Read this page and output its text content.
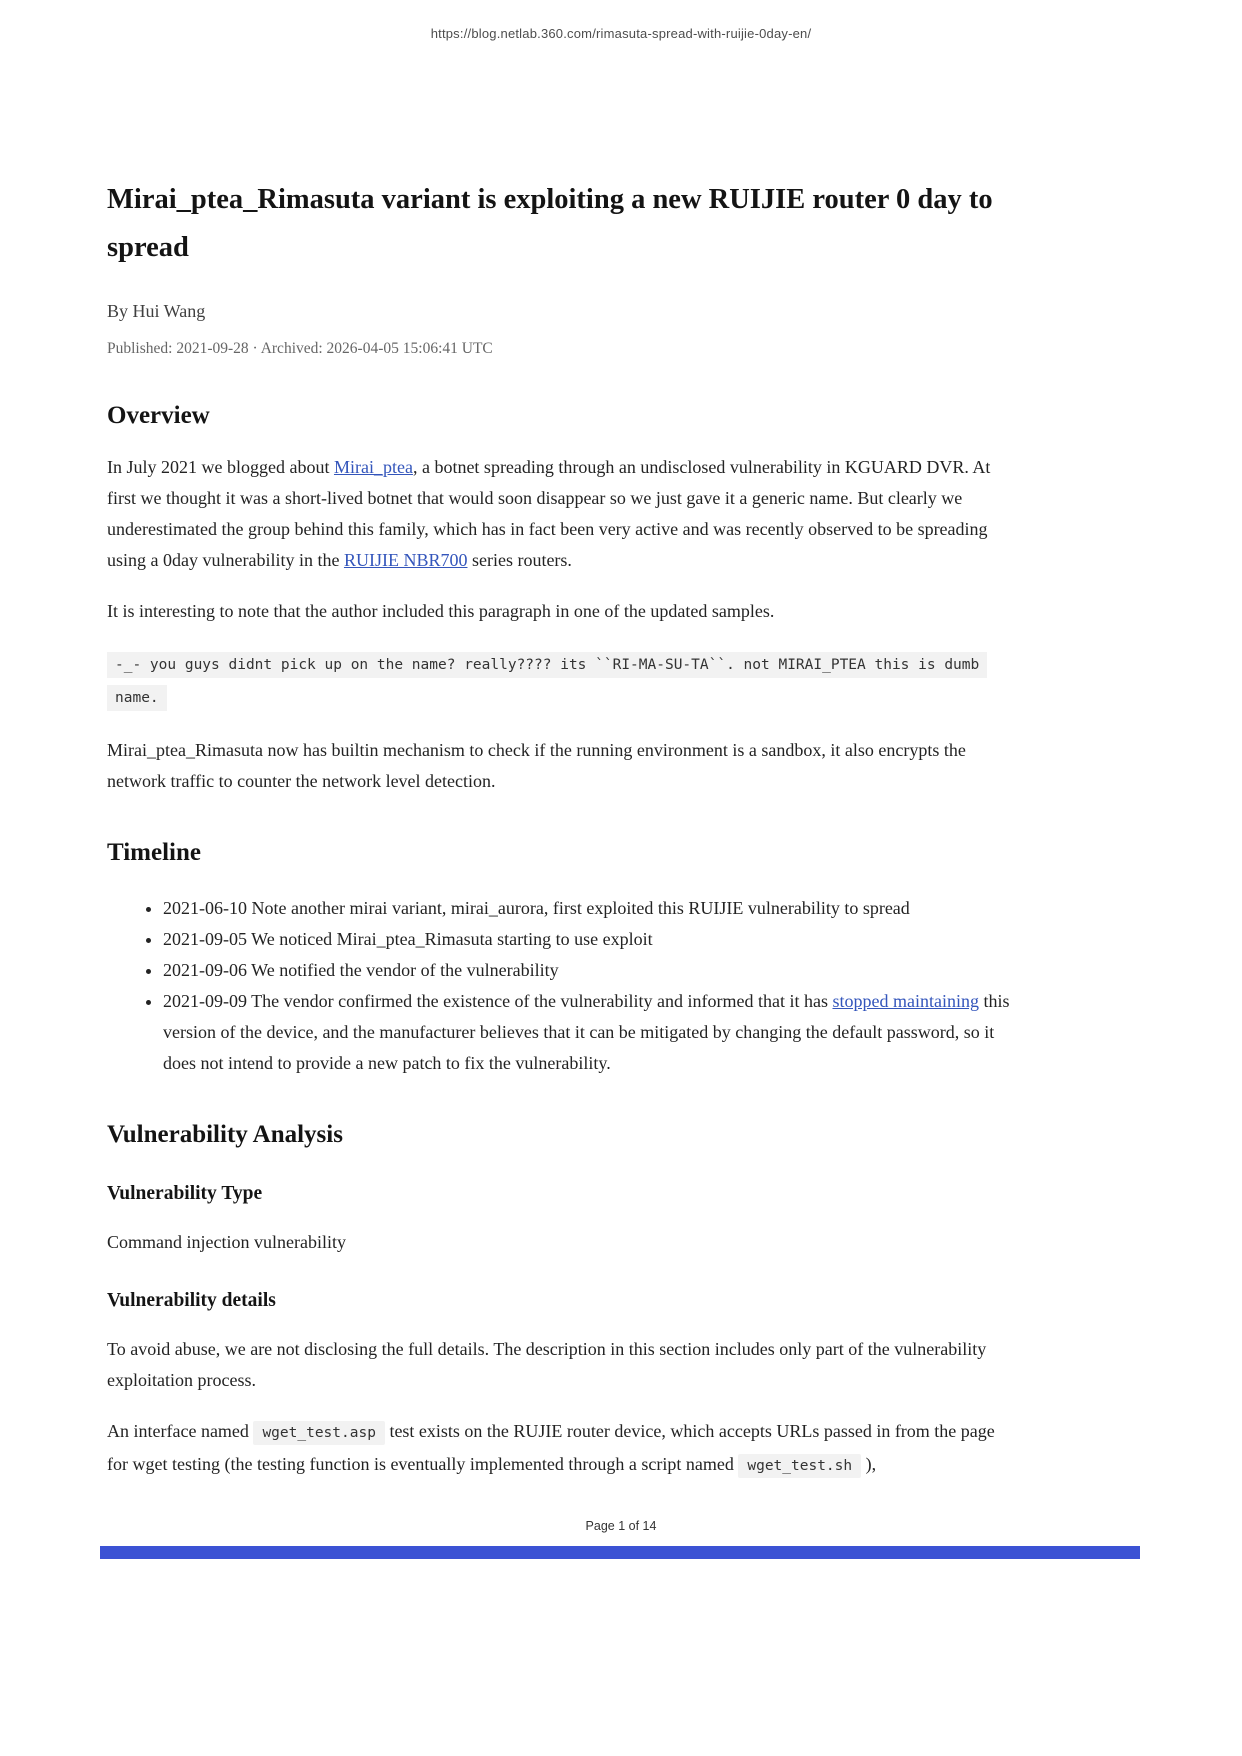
https://blog.netlab.360.com/rimasuta-spread-with-ruijie-0day-en/
Mirai_ptea_Rimasuta variant is exploiting a new RUIJIE router 0 day to spread

By Hui Wang

Published: 2021-09-28 · Archived: 2026-04-05 15:06:41 UTC

Overview

In July 2021 we blogged about Mirai_ptea, a botnet spreading through an undisclosed vulnerability in KGUARD DVR. At first we thought it was a short-lived botnet that would soon disappear so we just gave it a generic name. But clearly we underestimated the group behind this family, which has in fact been very active and was recently observed to be spreading using a 0day vulnerability in the RUIJIE NBR700 series routers.

It is interesting to note that the author included this paragraph in one of the updated samples.

-_- you guys didnt pick up on the name? really???? its ``RI-MA-SU-TA``. not MIRAI_PTEA this is dumb name.

Mirai_ptea_Rimasuta now has builtin mechanism to check if the running environment is a sandbox, it also encrypts the network traffic to counter the network level detection.

Timeline
• 2021-06-10 Note another mirai variant, mirai_aurora, first exploited this RUIJIE vulnerability to spread
• 2021-09-05 We noticed Mirai_ptea_Rimasuta starting to use exploit
• 2021-09-06 We notified the vendor of the vulnerability
• 2021-09-09 The vendor confirmed the existence of the vulnerability and informed that it has stopped maintaining this version of the device, and the manufacturer believes that it can be mitigated by changing the default password, so it does not intend to provide a new patch to fix the vulnerability.
Vulnerability Analysis
Vulnerability Type

Command injection vulnerability

Vulnerability details

To avoid abuse, we are not disclosing the full details. The description in this section includes only part of the vulnerability exploitation process.

An interface named wget_test.asp test exists on the RUJIE router device, which accepts URLs passed in from the page for wget testing (the testing function is eventually implemented through a script named wget_test.sh ),

Page 1 of 14
